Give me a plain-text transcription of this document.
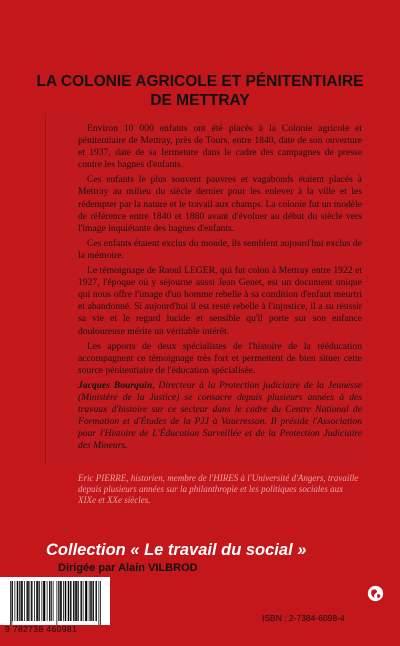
LA COLONIE AGRICOLE ET PÉNITENTIAIRE
DE METTRAY

Environ 10 000 enfants ont été placés à la Colonie agricole et pénitentiaire de Mettray, près de Tours, entre 1840, date de son ouverture et 1937, date de sa fermeture dans le cadre des campagnes de presse contre les bagnes d'enfants.

Ces enfants le plus souvent pauvres et vagabonds étaient placés à Mettray au milieu du siècle dernier pour les enlever à la ville et les rédempter par la nature et le travail aux champs. La colonie fut un modèle de référence entre 1840 et 1880 avant d'évoluer au début du siècle vers l'image inquiétante des bagnes d'enfants.

Ces enfants étaient exclus du monde, ils semblent aujourd'hui exclus de la mémoire.

Le témoignage de Raoul LEGER, qui fut colon à Mettray entre 1922 et 1927, l'époque où y séjourne aussi Jean Genet, est un document unique qui nous offre l'image d'un homme rebelle à sa condition d'enfant meurtri et abandonné. Si aujourd'hui il est resté rebelle à l'injustice, il a su réussir sa vie et le regard lucide et sensible qu'il porte sur son enfance douloureuse mérite un véritable intérêt.

Les apports de deux spécialistes de l'histoire de la rééducation accompagnent ce témoignage très fort et permettent de bien situer cette source pénitentiaire de l'éducation spécialisée.

Jacques Bourquin, Directeur à la Protection judiciaire de la Jeunesse (Ministère de la Justice) se consacre depuis plusieurs années à des travaux d'histoire sur ce secteur dans le cadre du Centre National de Formation et d'Études de la PJJ à Vaucresson. Il préside l'Association pour l'Histoire de L'Éducation Surveillée et de la Protection Judiciaire des Mineurs.

Eric PIERRE, historien, membre de l'HIRES à l'Université d'Angers, travaille depuis plusieurs années sur la philanthropie et les politiques sociales aux XIXe et XXe siècles.
Collection « Le travail du social »
Dirigée par Alain VILBROD
9 782738 460981
ISBN : 2-7384-6098-4
